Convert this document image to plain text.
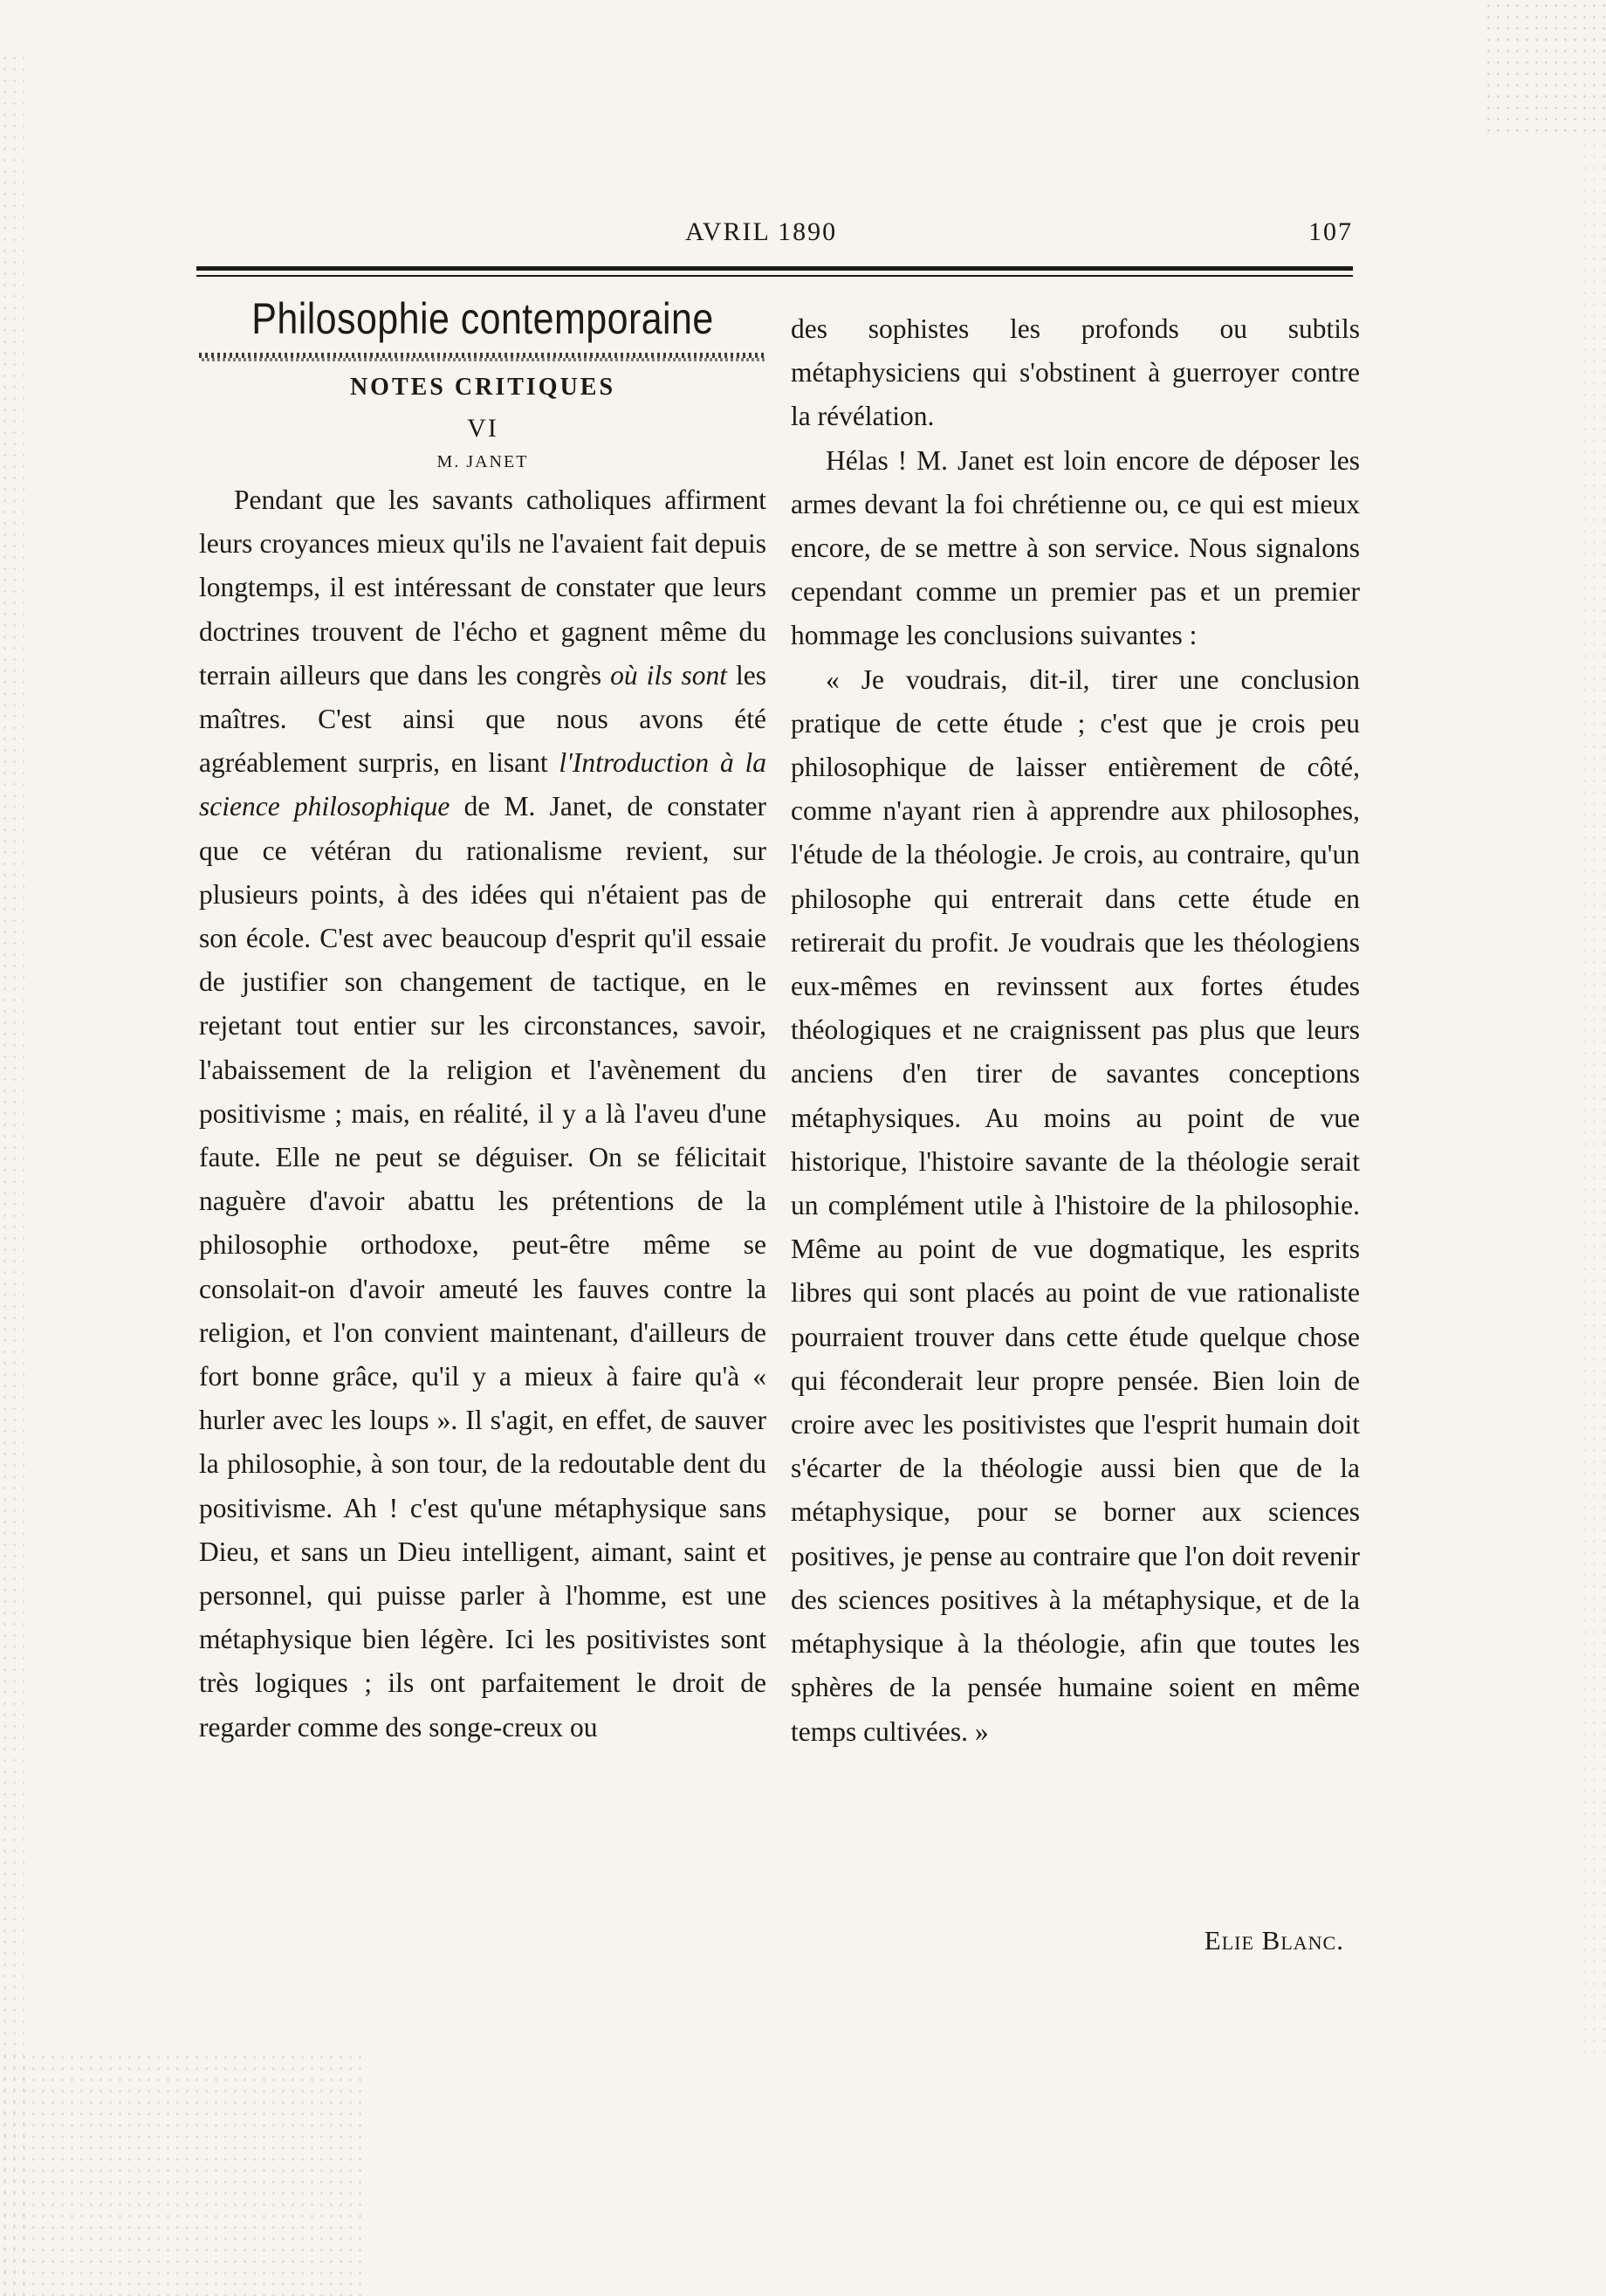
AVRIL 1890	107
Philosophie contemporaine
NOTES CRITIQUES
VI
M. JANET

Pendant que les savants catholiques affirment leurs croyances mieux qu'ils ne l'avaient fait depuis longtemps, il est intéressant de constater que leurs doctrines trouvent de l'écho et gagnent même du terrain ailleurs que dans les congrès où ils sont les maîtres. C'est ainsi que nous avons été agréablement surpris, en lisant l'Introduction à la science philosophique de M. Janet, de constater que ce vétéran du rationalisme revient, sur plusieurs points, à des idées qui n'étaient pas de son école. C'est avec beaucoup d'esprit qu'il essaie de justifier son changement de tactique, en le rejetant tout entier sur les circonstances, savoir, l'abaissement de la religion et l'avènement du positivisme ; mais, en réalité, il y a là l'aveu d'une faute. Elle ne peut se déguiser. On se félicitait naguère d'avoir abattu les prétentions de la philosophie orthodoxe, peut-être même se consolait-on d'avoir ameuté les fauves contre la religion, et l'on convient maintenant, d'ailleurs de fort bonne grâce, qu'il y a mieux à faire qu'à « hurler avec les loups ». Il s'agit, en effet, de sauver la philosophie, à son tour, de la redoutable dent du positivisme. Ah ! c'est qu'une métaphysique sans Dieu, et sans un Dieu intelligent, aimant, saint et personnel, qui puisse parler à l'homme, est une métaphysique bien légère. Ici les positivistes sont très logiques ; ils ont parfaitement le droit de regarder comme des songe-creux ou

des sophistes les profonds ou subtils métaphysiciens qui s'obstinent à guerroyer contre la révélation.

Hélas ! M. Janet est loin encore de déposer les armes devant la foi chrétienne ou, ce qui est mieux encore, de se mettre à son service. Nous signalons cependant comme un premier pas et un premier hommage les conclusions suivantes :

« Je voudrais, dit-il, tirer une conclusion pratique de cette étude ; c'est que je crois peu philosophique de laisser entièrement de côté, comme n'ayant rien à apprendre aux philosophes, l'étude de la théologie. Je crois, au contraire, qu'un philosophe qui entrerait dans cette étude en retirerait du profit. Je voudrais que les théologiens eux-mêmes en revinssent aux fortes études théologiques et ne craignissent pas plus que leurs anciens d'en tirer de savantes conceptions métaphysiques. Au moins au point de vue historique, l'histoire savante de la théologie serait un complément utile à l'histoire de la philosophie. Même au point de vue dogmatique, les esprits libres qui sont placés au point de vue rationaliste pourraient trouver dans cette étude quelque chose qui féconderait leur propre pensée. Bien loin de croire avec les positivistes que l'esprit humain doit s'écarter de la théologie aussi bien que de la métaphysique, pour se borner aux sciences positives, je pense au contraire que l'on doit revenir des sciences positives à la métaphysique, et de la métaphysique à la théologie, afin que toutes les sphères de la pensée humaine soient en même temps cultivées. »

Elie Blanc.
